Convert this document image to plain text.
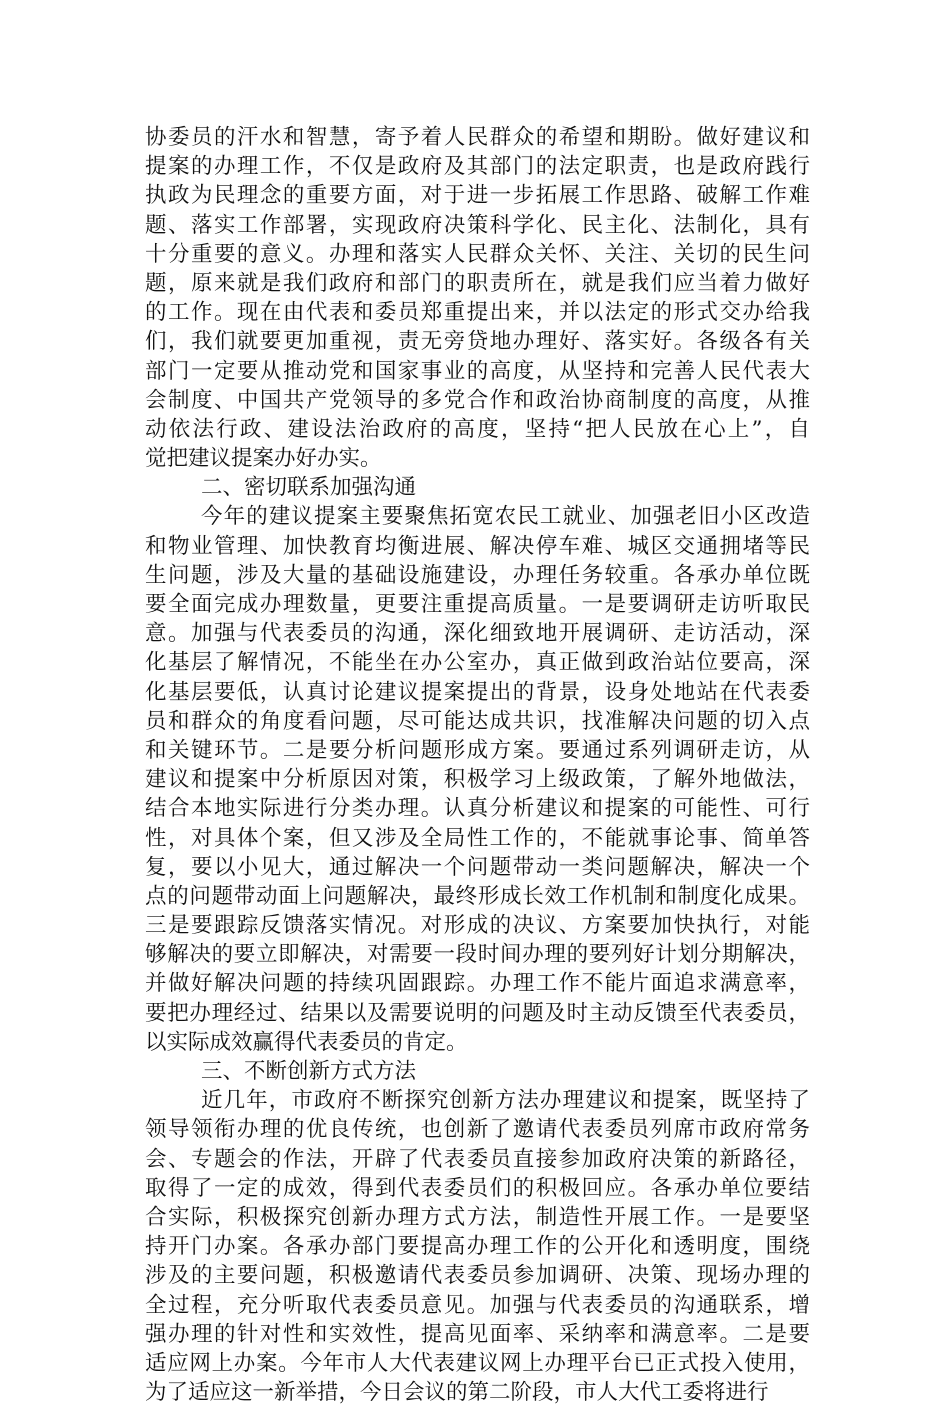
协委员的汗水和智慧，寄予着人民群众的希望和期盼。做好建议和
提案的办理工作，不仅是政府及其部门的法定职责，也是政府践行
执政为民理念的重要方面，对于进一步拓展工作思路、破解工作难
题、落实工作部署，实现政府决策科学化、民主化、法制化，具有
十分重要的意义。办理和落实人民群众关怀、关注、关切的民生问
题，原来就是我们政府和部门的职责所在，就是我们应当着力做好
的工作。现在由代表和委员郑重提出来，并以法定的形式交办给我
们，我们就要更加重视，责无旁贷地办理好、落实好。各级各有关
部门一定要从推动党和国家事业的高度，从坚持和完善人民代表大
会制度、中国共产党领导的多党合作和政治协商制度的高度，从推
动依法行政、建设法治政府的高度，坚持“把人民放在心上”，自
觉把建议提案办好办实。
二、密切联系加强沟通
今年的建议提案主要聚焦拓宽农民工就业、加强老旧小区改造
和物业管理、加快教育均衡进展、解决停车难、城区交通拥堵等民
生问题，涉及大量的基础设施建设，办理任务较重。各承办单位既
要全面完成办理数量，更要注重提高质量。一是要调研走访听取民
意。加强与代表委员的沟通，深化细致地开展调研、走访活动，深
化基层了解情况，不能坐在办公室办，真正做到政治站位要高，深
化基层要低，认真讨论建议提案提出的背景，设身处地站在代表委
员和群众的角度看问题，尽可能达成共识，找准解决问题的切入点
和关键环节。二是要分析问题形成方案。要通过系列调研走访，从
建议和提案中分析原因对策，积极学习上级政策，了解外地做法，
结合本地实际进行分类办理。认真分析建议和提案的可能性、可行
性，对具体个案，但又涉及全局性工作的，不能就事论事、简单答
复，要以小见大，通过解决一个问题带动一类问题解决，解决一个
点的问题带动面上问题解决，最终形成长效工作机制和制度化成果。
三是要跟踪反馈落实情况。对形成的决议、方案要加快执行，对能
够解决的要立即解决，对需要一段时间办理的要列好计划分期解决，
并做好解决问题的持续巩固跟踪。办理工作不能片面追求满意率，
要把办理经过、结果以及需要说明的问题及时主动反馈至代表委员，
以实际成效赢得代表委员的肯定。
三、不断创新方式方法
近几年，市政府不断探究创新方法办理建议和提案，既坚持了
领导领衔办理的优良传统，也创新了邀请代表委员列席市政府常务
会、专题会的作法，开辟了代表委员直接参加政府决策的新路径，
取得了一定的成效，得到代表委员们的积极回应。各承办单位要结
合实际，积极探究创新办理方式方法，制造性开展工作。一是要坚
持开门办案。各承办部门要提高办理工作的公开化和透明度，围绕
涉及的主要问题，积极邀请代表委员参加调研、决策、现场办理的
全过程，充分听取代表委员意见。加强与代表委员的沟通联系，增
强办理的针对性和实效性，提高见面率、采纳率和满意率。二是要
适应网上办案。今年市人大代表建议网上办理平台已正式投入使用，
为了适应这一新举措，今日会议的第二阶段，市人大代工委将进行
